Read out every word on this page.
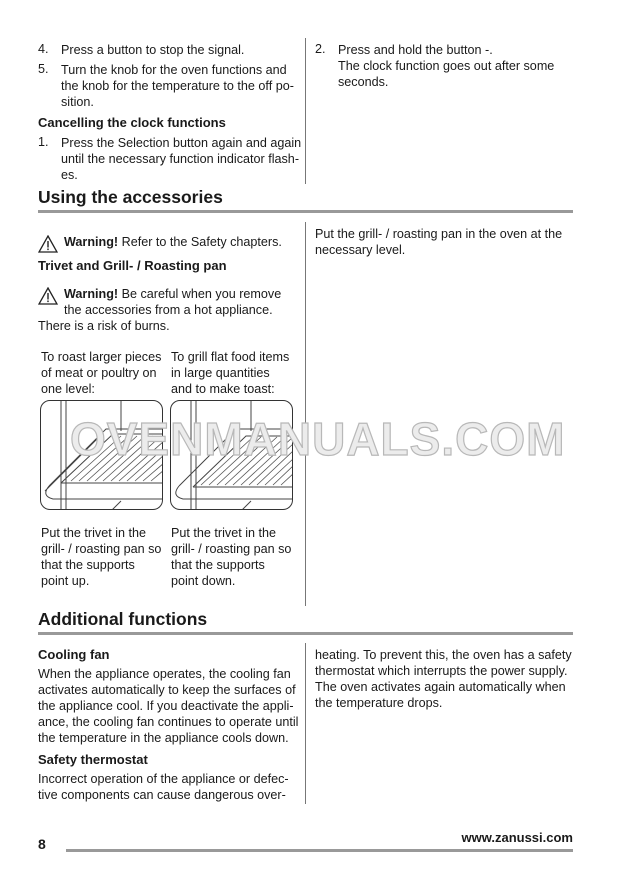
4. Press a button to stop the signal.
5. Turn the knob for the oven functions and
the knob for the temperature to the off po-
sition.
Cancelling the clock functions
1. Press the Selection button again and again
until the necessary function indicator flash-
es.
2. Press and hold the button -.
The clock function goes out after some
seconds.
Using the accessories
Warning! Refer to the Safety chapters.
Trivet and Grill- / Roasting pan
Warning! Be careful when you remove
the accessories from a hot appliance.
There is a risk of burns.
To roast larger pieces
of meat or poultry on
one level:
To grill flat food items
in large quantities
and to make toast:
Put the trivet in the
grill- / roasting pan so
that the supports
point up.
Put the trivet in the
grill- / roasting pan so
that the supports
point down.
Put the grill- / roasting pan in the oven at the
necessary level.
OVENMANUALS.COM
Additional functions
Cooling fan
When the appliance operates, the cooling fan
activates automatically to keep the surfaces of
the appliance cool. If you deactivate the appli-
ance, the cooling fan continues to operate until
the temperature in the appliance cools down.
Safety thermostat
Incorrect operation of the appliance or defec-
tive components can cause dangerous over-
heating. To prevent this, the oven has a safety
thermostat which interrupts the power supply.
The oven activates again automatically when
the temperature drops.
8	www.zanussi.com
